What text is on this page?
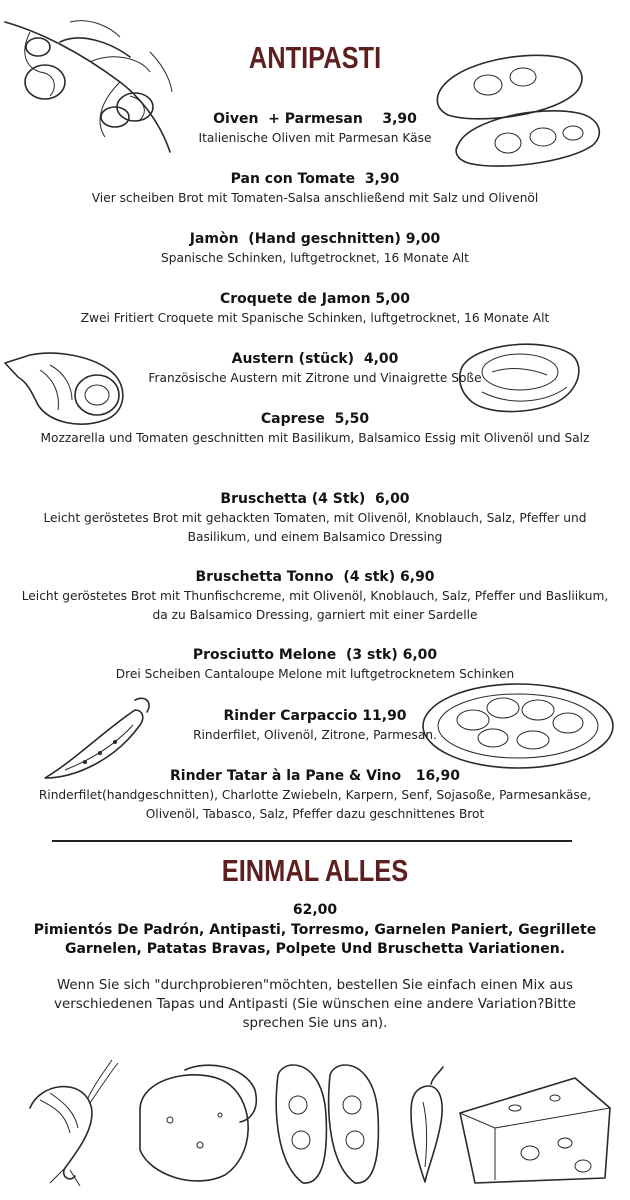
ANTIPASTI
Oiven  + Parmesan    3,90
Italienische Oliven mit Parmesan Käse
Pan con Tomate  3,90
Vier scheiben Brot mit Tomaten-Salsa anschließend mit Salz und Olivenöl
Jamòn  (Hand geschnitten) 9,00
Spanische Schinken, luftgetrocknet, 16 Monate Alt
Croquete de Jamon 5,00
Zwei Fritiert Croquete mit Spanische Schinken, luftgetrocknet, 16 Monate Alt
Austern (stück)  4,00
Französische Austern mit Zitrone und Vinaigrette Soße
Caprese  5,50
Mozzarella und Tomaten geschnitten mit Basilikum, Balsamico Essig mit Olivenöl und Salz
Bruschetta (4 Stk)  6,00
Leicht geröstetes Brot mit gehackten Tomaten, mit Olivenöl, Knoblauch, Salz, Pfeffer und Basilikum, und einem Balsamico Dressing
Bruschetta Tonno  (4 stk) 6,90
Leicht geröstetes Brot mit Thunfischcreme, mit Olivenöl, Knoblauch, Salz, Pfeffer und Basliikum, da zu Balsamico Dressing, garniert mit einer Sardelle
Prosciutto Melone  (3 stk) 6,00
Drei Scheiben Cantaloupe Melone mit luftgetrocknetem Schinken
Rinder Carpaccio 11,90
Rinderfilet, Olivenöl, Zitrone, Parmesan.
Rinder Tatar à la Pane & Vino   16,90
Rinderfilet(handgeschnitten), Charlotte Zwiebeln, Karpern, Senf, Sojasoße, Parmesankäse, Olivenöl, Tabasco, Salz, Pfeffer dazu geschnittenes Brot
EINMAL ALLES
62,00
Pimientós De Padrón, Antipasti, Torresmo, Garnelen Paniert, Gegrillete Garnelen, Patatas Bravas, Polpete Und Bruschetta Variationen.
Wenn Sie sich "durchprobieren"möchten, bestellen Sie einfach einen Mix aus verschiedenen Tapas und Antipasti (Sie wünschen eine andere Variation?Bitte sprechen Sie uns an).
